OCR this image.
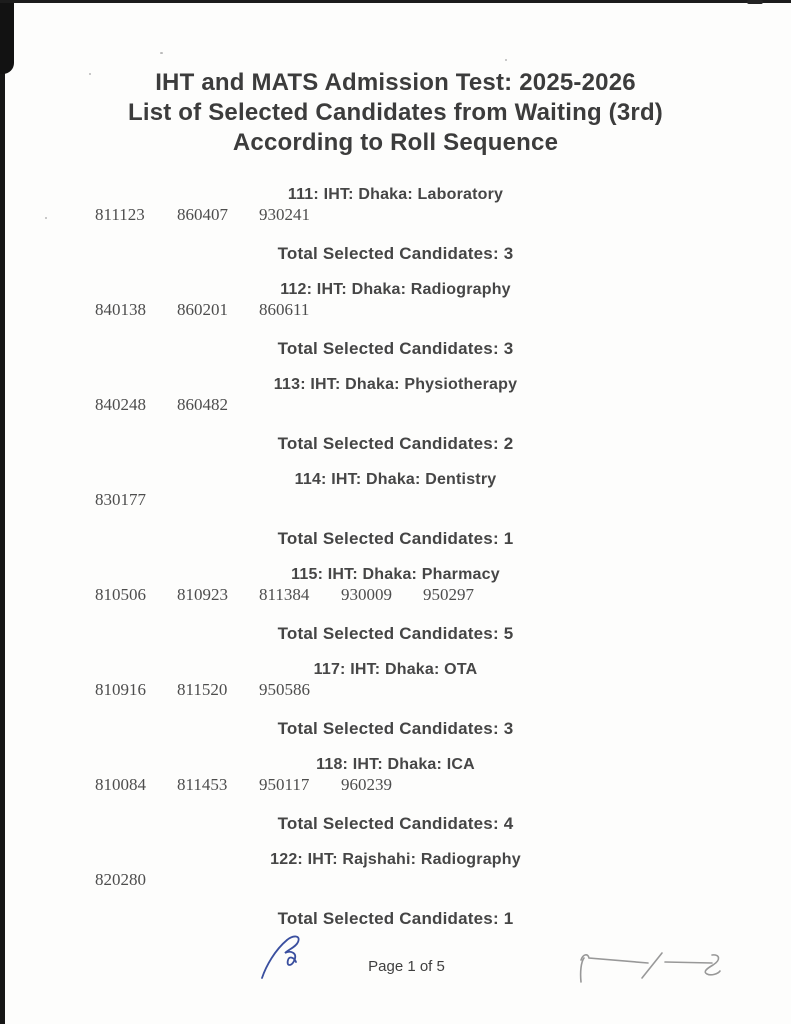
IHT and MATS Admission Test: 2025-2026
List of Selected Candidates from Waiting (3rd)
According to Roll Sequence
111: IHT: Dhaka: Laboratory
811123	860407	930241
Total Selected Candidates: 3
112: IHT: Dhaka: Radiography
840138	860201	860611
Total Selected Candidates: 3
113: IHT: Dhaka: Physiotherapy
840248	860482
Total Selected Candidates: 2
114: IHT: Dhaka: Dentistry
830177
Total Selected Candidates: 1
115: IHT: Dhaka: Pharmacy
810506	810923	811384	930009	950297
Total Selected Candidates: 5
117: IHT: Dhaka: OTA
810916	811520	950586
Total Selected Candidates: 3
118: IHT: Dhaka: ICA
810084	811453	950117	960239
Total Selected Candidates: 4
122: IHT: Rajshahi: Radiography
820280
Total Selected Candidates: 1
Page 1 of 5
